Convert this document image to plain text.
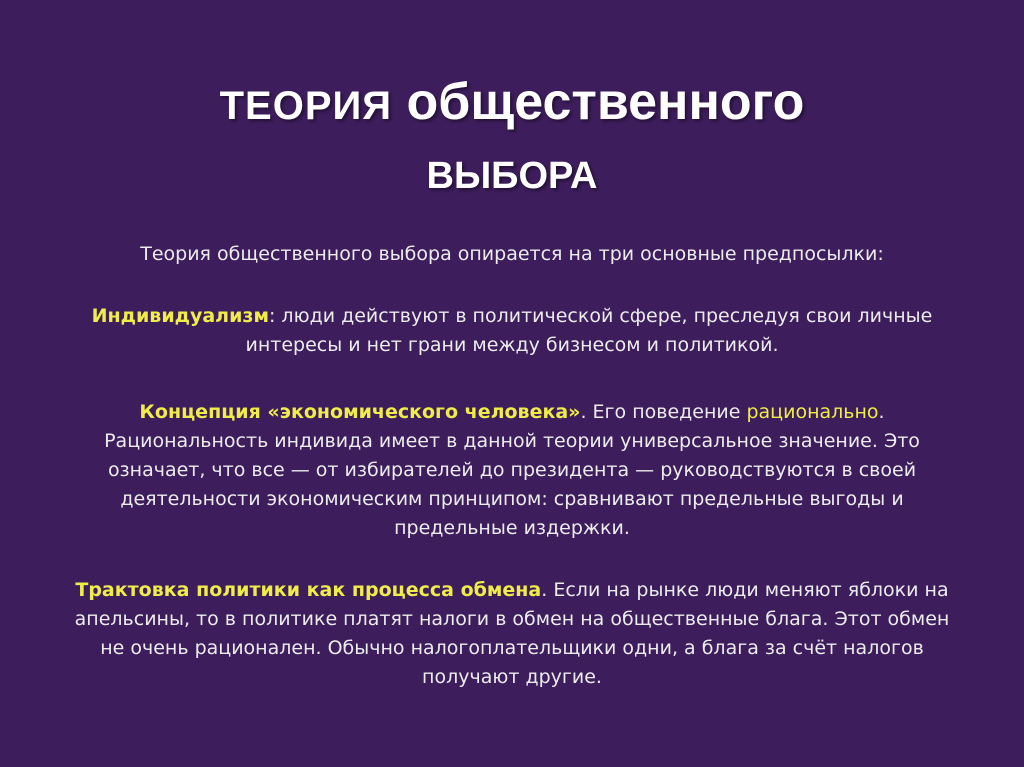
ТЕОРИЯ общественного
ВЫБОРА

Теория общественного выбора опирается на три основные предпосылки:

Индивидуализм: люди действуют в политической сфере, преследуя свои личные интересы и нет грани между бизнесом и политикой.

Концепция «экономического человека». Его поведение рационально. Рациональность индивида имеет в данной теории универсальное значение. Это означает, что все — от избирателей до президента — руководствуются в своей деятельности экономическим принципом: сравнивают предельные выгоды и предельные издержки.

Трактовка политики как процесса обмена. Если на рынке люди меняют яблоки на апельсины, то в политике платят налоги в обмен на общественные блага. Этот обмен не очень рационален. Обычно налогоплательщики одни, а блага за счёт налогов получают другие.
